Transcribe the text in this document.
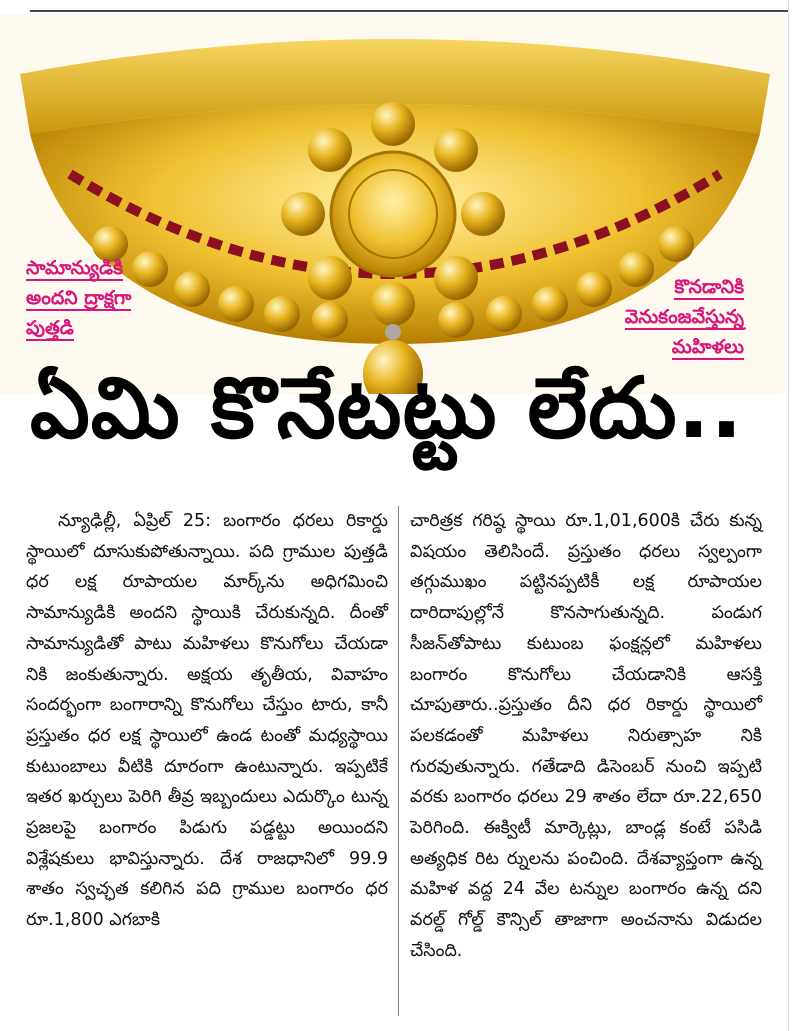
సామాన్యుడికి
అందని ద్రాక్షగా
పుత్తడి
కొనడానికి
వెనుకంజవేస్తున్న
మహిళలు
ఏమి కొనేటట్టు లేదు..
న్యూఢిల్లీ, ఏప్రిల్ 25: బంగారం ధరలు రికార్డు స్థాయిలో దూసుకుపోతున్నాయి. పది గ్రాముల పుత్తడి ధర లక్ష రూపాయల మార్క్‌ను అధిగమించి సామాన్యుడికి అందని స్థాయికి చేరుకున్నది. దీంతో సామాన్యుడితో పాటు మహిళలు కొనుగోలు చేయడా నికి జంకుతున్నారు. అక్షయ తృతీయ, వివాహం సందర్భంగా బంగారాన్ని కొనుగోలు చేస్తుం టారు, కానీ ప్రస్తుతం ధర లక్ష స్థాయిలో ఉండ టంతో మధ్యస్థాయి కుటుంబాలు వీటికి దూరంగా ఉంటున్నారు. ఇప్పటికే ఇతర ఖర్చులు పెరిగి తీవ్ర ఇబ్బందులు ఎదుర్కొం టున్న ప్రజలపై బంగారం పిడుగు పడ్డట్టు అయిందని విశ్లేషకులు భావిస్తున్నారు. దేశ రాజధానిలో 99.9 శాతం స్వచ్ఛత కలిగిన పది గ్రాముల బంగారం ధర రూ.1,800 ఎగబాకి
చారిత్రక గరిష్ఠ స్థాయి రూ.1,01,600కి చేరు కున్న విషయం తెలిసిందే. ప్రస్తుతం ధరలు స్వల్పంగా తగ్గుముఖం పట్టినప్పటికీ లక్ష రూపాయల దారిదాపుల్లోనే కొనసాగుతున్నది. పండుగ సీజన్‌తోపాటు కుటుంబ ఫంక్షన్లలో మహిళలు బంగారం కొనుగోలు చేయడానికి ఆసక్తి చూపుతారు..ప్రస్తుతం దీని ధర రికార్డు స్థాయిలో పలకడంతో మహిళలు నిరుత్సాహ నికి గురవుతున్నారు. గతేడాది డిసెంబర్ నుంచి ఇప్పటి వరకు బంగారం ధరలు 29 శాతం లేదా రూ.22,650 పెరిగింది. ఈక్విటీ మార్కెట్లు, బాండ్ల కంటే పసిడి అత్యధిక రిట ర్నులను పంచింది. దేశవ్యాప్తంగా ఉన్న మహిళ వద్ద 24 వేల టన్నుల బంగారం ఉన్న దని వరల్డ్ గోల్డ్ కౌన్సిల్ తాజాగా అంచనాను విడుదల చేసింది.
